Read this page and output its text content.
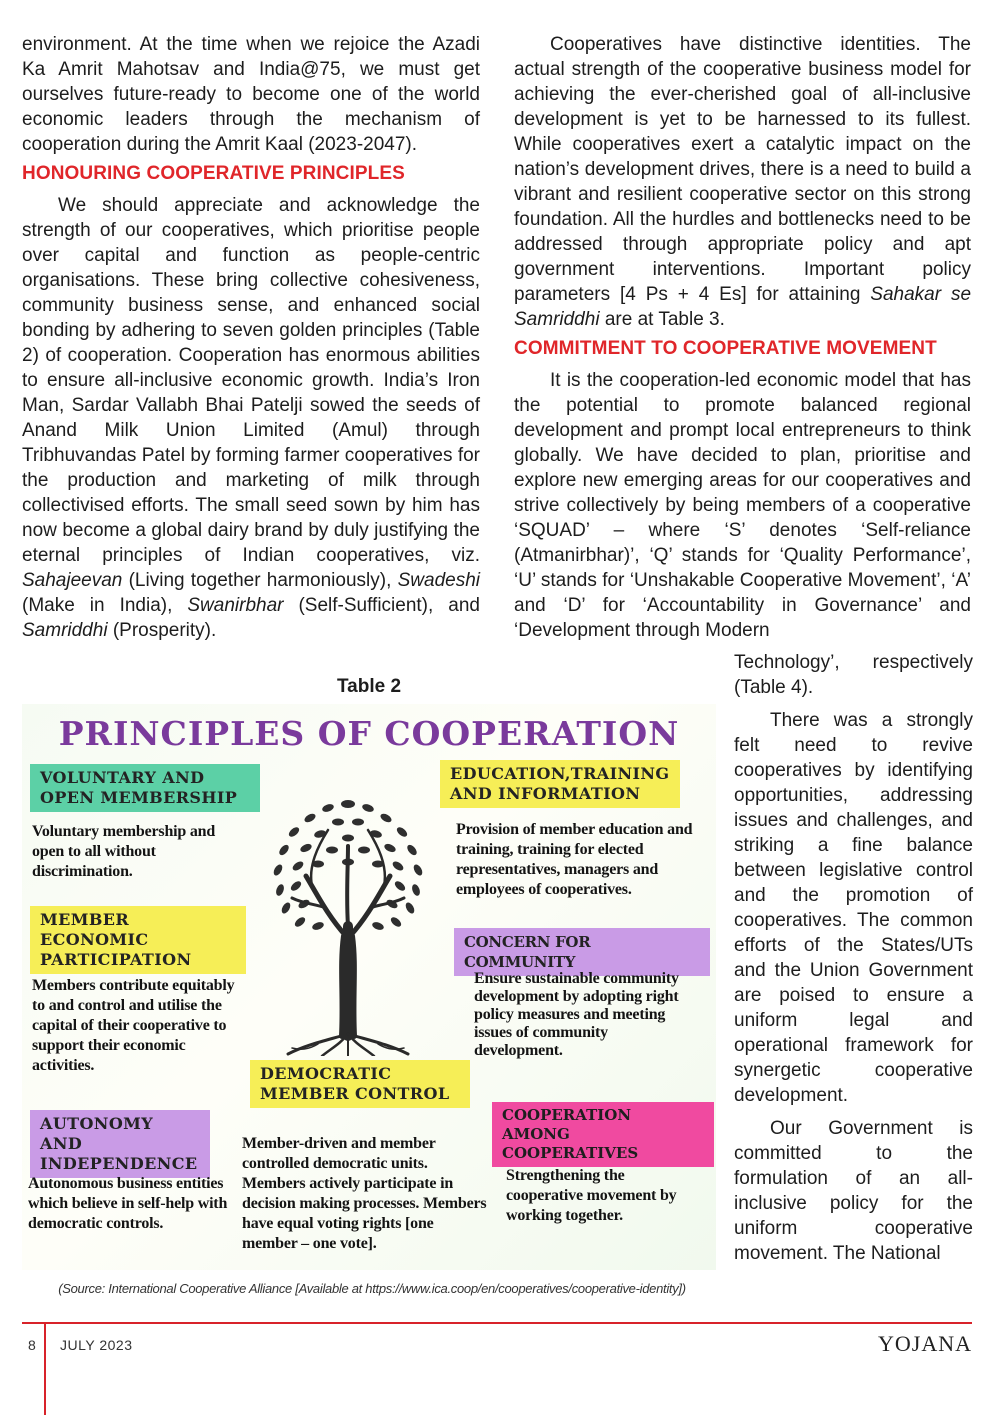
environment. At the time when we rejoice the Azadi Ka Amrit Mahotsav and India@75, we must get ourselves future-ready to become one of the world economic leaders through the mechanism of cooperation during the Amrit Kaal (2023-2047).

HONOURING COOPERATIVE PRINCIPLES

We should appreciate and acknowledge the strength of our cooperatives, which prioritise people over capital and function as people-centric organisations. These bring collective cohesiveness, community business sense, and enhanced social bonding by adhering to seven golden principles (Table 2) of cooperation. Cooperation has enormous abilities to ensure all-inclusive economic growth. India’s Iron Man, Sardar Vallabh Bhai Patelji sowed the seeds of Anand Milk Union Limited (Amul) through Tribhuvandas Patel by forming farmer cooperatives for the production and marketing of milk through collectivised efforts. The small seed sown by him has now become a global dairy brand by duly justifying the eternal principles of Indian cooperatives, viz. Sahajeevan (Living together harmoniously), Swadeshi (Make in India), Swanirbhar (Self-Sufficient), and Samriddhi (Prosperity).

Cooperatives have distinctive identities. The actual strength of the cooperative business model for achieving the ever-cherished goal of all-inclusive development is yet to be harnessed to its fullest. While cooperatives exert a catalytic impact on the nation’s development drives, there is a need to build a vibrant and resilient cooperative sector on this strong foundation. All the hurdles and bottlenecks need to be addressed through appropriate policy and apt government interventions. Important policy parameters [4 Ps + 4 Es] for attaining Sahakar se Samriddhi are at Table 3.

COMMITMENT TO COOPERATIVE MOVEMENT

It is the cooperation-led economic model that has the potential to promote balanced regional development and prompt local entrepreneurs to think globally. We have decided to plan, prioritise and explore new emerging areas for our cooperatives and strive collectively by being members of a cooperative ‘SQUAD’ – where ‘S’ denotes ‘Self-reliance (Atmanirbhar)’, ‘Q’ stands for ‘Quality Performance’, ‘U’ stands for ‘Unshakable Cooperative Movement’, ‘A’ and ‘D’ for ‘Accountability in Governance’ and ‘Development through Modern

Technology’, respectively (Table 4).

There was a strongly felt need to revive cooperatives by identifying opportunities, addressing issues and challenges, and striking a fine balance between legislative control and the promotion of cooperatives. The common efforts of the States/UTs and the Union Government are poised to ensure a uniform legal and operational framework for synergetic cooperative development.

Our Government is committed to the formulation of an all-inclusive policy for the uniform cooperative movement. The National

Table 2
PRINCIPLES OF COOPERATION
VOLUNTARY AND OPEN MEMBERSHIP
Voluntary membership and open to all without discrimination.
MEMBER ECONOMIC PARTICIPATION
Members contribute equitably to and control and utilise the capital of their cooperative to support their economic activities.
AUTONOMY AND INDEPENDENCE
Autonomous business entities which believe in self-help with democratic controls.
EDUCATION,TRAINING AND INFORMATION
Provision of member education and training, training for elected representatives, managers and employees of cooperatives.
CONCERN FOR COMMUNITY
Ensure sustainable community development by adopting right policy measures and meeting issues of community development.
DEMOCRATIC MEMBER CONTROL
Member-driven and member controlled democratic units. Members actively participate in decision making processes. Members have equal voting rights [one member – one vote].
COOPERATION AMONG COOPERATIVES
Strengthening the cooperative movement by working together.
(Source: International Cooperative Alliance [Available at https://www.ica.coop/en/cooperatives/cooperative-identity])
8 JULY 2023	YOJANA
